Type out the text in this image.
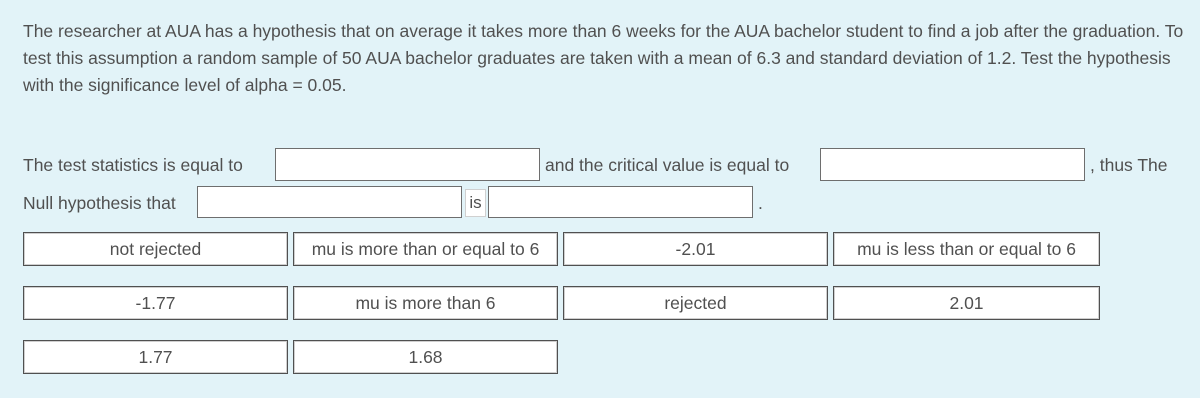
The researcher at AUA has a hypothesis that on average it takes more than 6 weeks for the AUA bachelor student to find a job after the graduation. To test this assumption a random sample of 50 AUA bachelor graduates are taken with a mean of 6.3 and standard deviation of 1.2. Test the hypothesis with the significance level of alpha = 0.05.
The test statistics is equal to	and the critical value is equal to	, thus The
Null hypothesis that	is	.
not rejected	mu is more than or equal to 6	-2.01	mu is less than or equal to 6
-1.77	mu is more than 6	rejected	2.01
1.77	1.68
